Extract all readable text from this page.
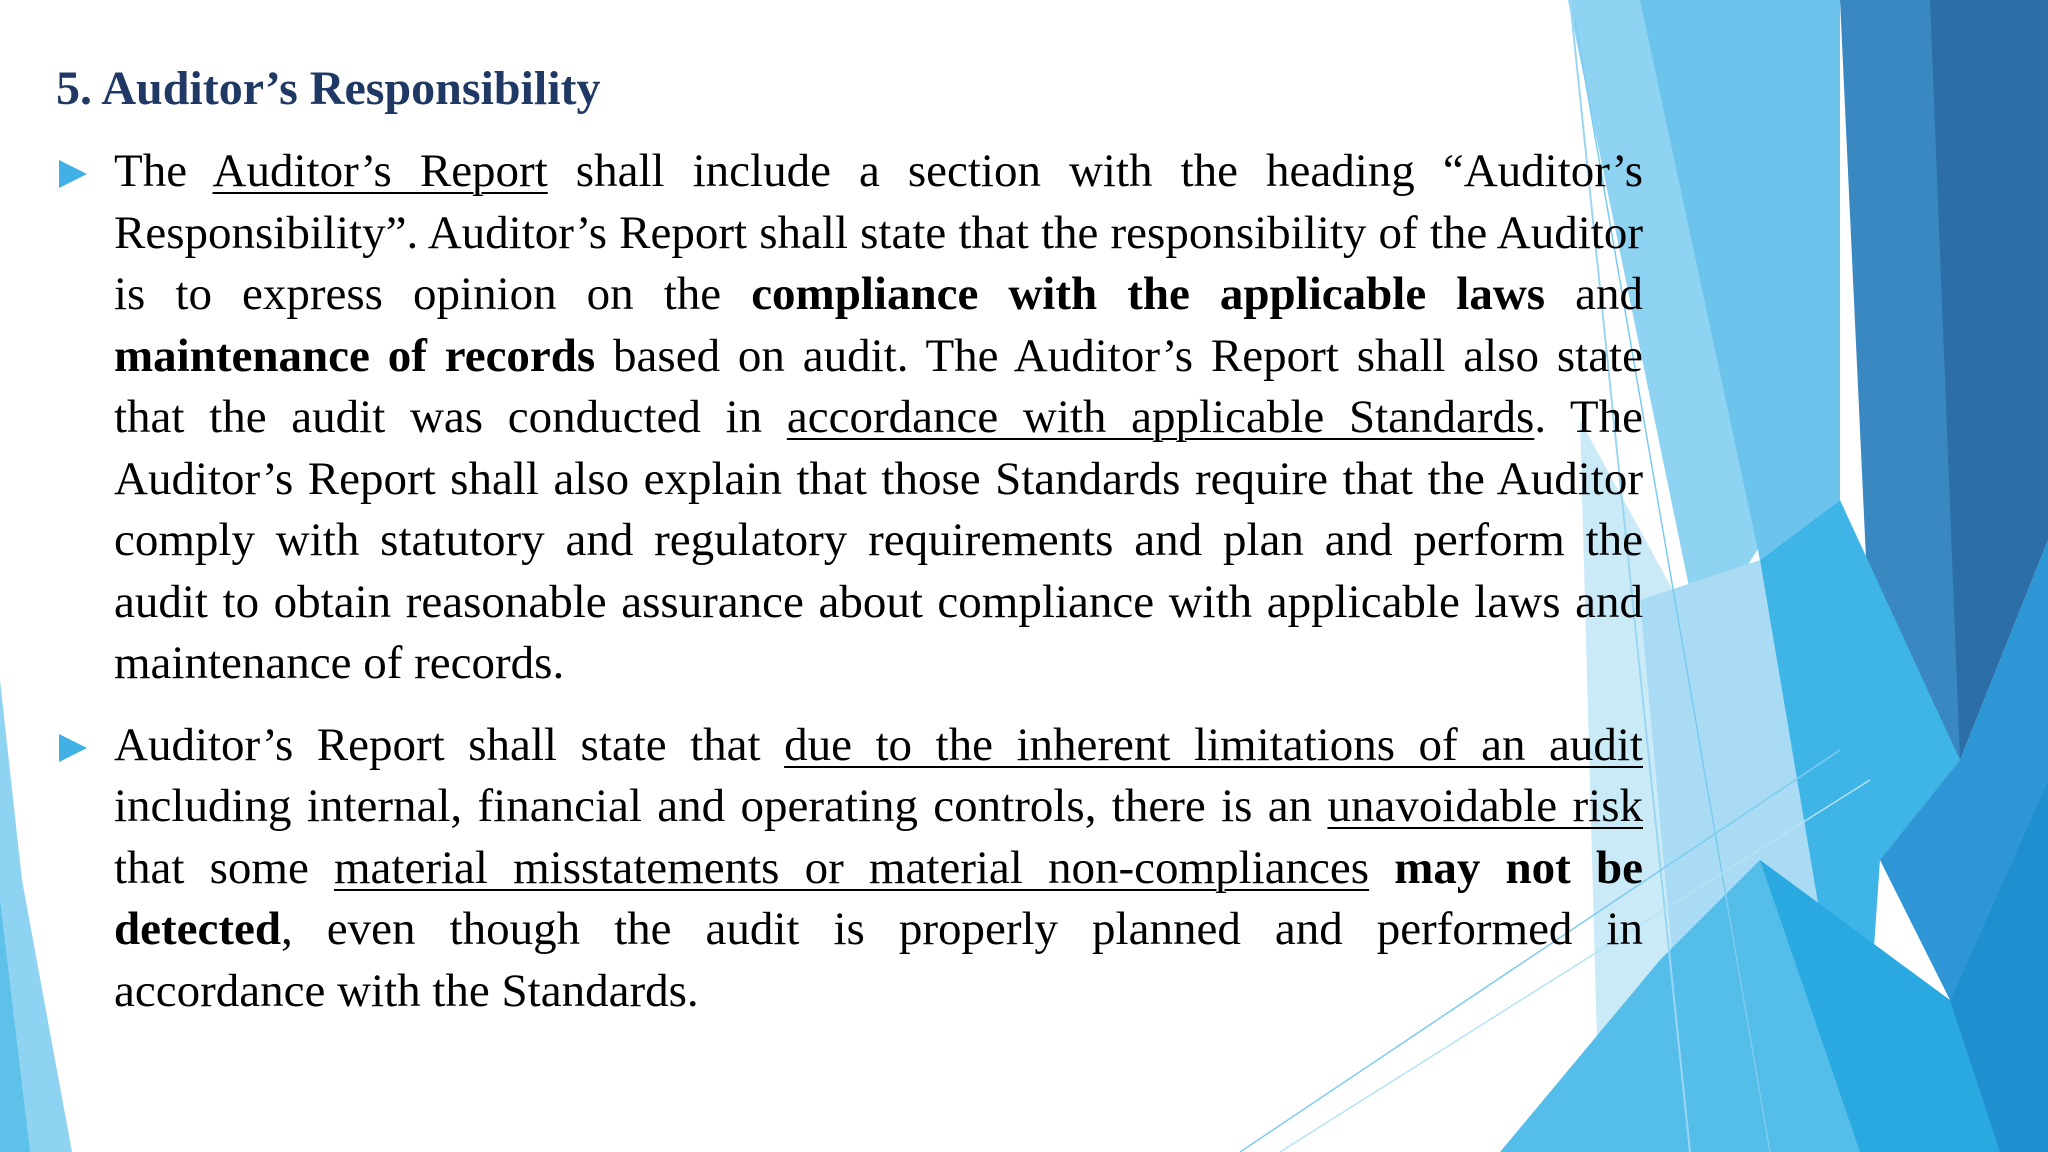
5. Auditor’s Responsibility

The Auditor’s Report shall include a section with the heading “Auditor’s Responsibility”. Auditor’s Report shall state that the responsibility of the Auditor is to express opinion on the compliance with the applicable laws and maintenance of records based on audit. The Auditor’s Report shall also state that the audit was conducted in accordance with applicable Standards. The Auditor’s Report shall also explain that those Standards require that the Auditor comply with statutory and regulatory requirements and plan and perform the audit to obtain reasonable assurance about compliance with applicable laws and maintenance of records.

Auditor’s Report shall state that due to the inherent limitations of an audit including internal, financial and operating controls, there is an unavoidable risk that some material misstatements or material non-compliances may not be detected, even though the audit is properly planned and performed in accordance with the Standards.
